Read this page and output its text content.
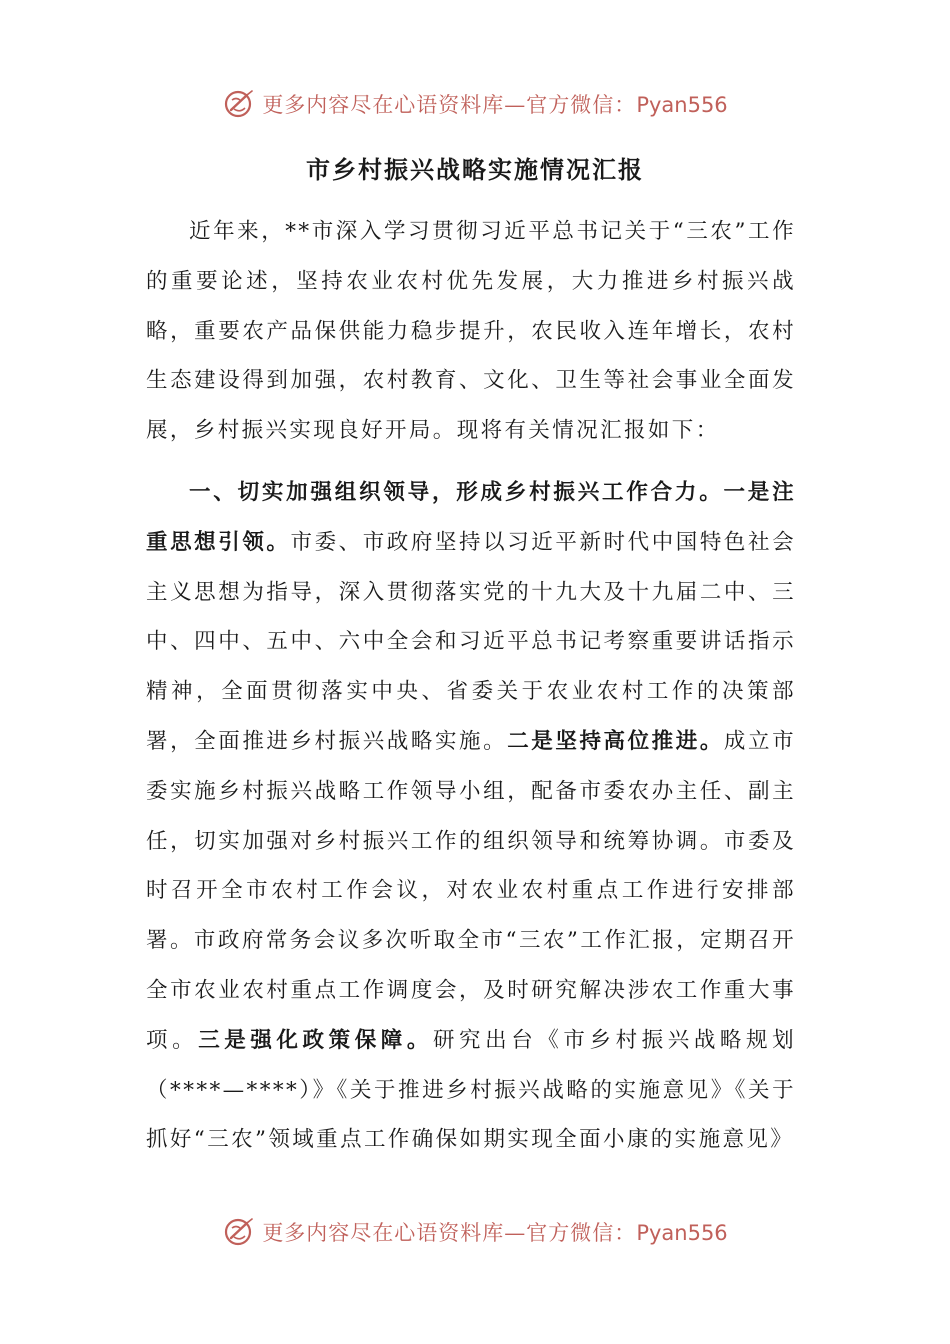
更多内容尽在心语资料库—官方微信：Pyan556
市乡村振兴战略实施情况汇报

近年来，**市深入学习贯彻习近平总书记关于“三农”工作的重要论述，坚持农业农村优先发展，大力推进乡村振兴战略，重要农产品保供能力稳步提升，农民收入连年增长，农村生态建设得到加强，农村教育、文化、卫生等社会事业全面发展，乡村振兴实现良好开局。现将有关情况汇报如下：

一、切实加强组织领导，形成乡村振兴工作合力。一是注重思想引领。市委、市政府坚持以习近平新时代中国特色社会主义思想为指导，深入贯彻落实党的十九大及十九届二中、三中、四中、五中、六中全会和习近平总书记考察重要讲话指示精神，全面贯彻落实中央、省委关于农业农村工作的决策部署，全面推进乡村振兴战略实施。二是坚持高位推进。成立市委实施乡村振兴战略工作领导小组，配备市委农办主任、副主任，切实加强对乡村振兴工作的组织领导和统筹协调。市委及时召开全市农村工作会议，对农业农村重点工作进行安排部署。市政府常务会议多次听取全市“三农”工作汇报，定期召开全市农业农村重点工作调度会，及时研究解决涉农工作重大事项。三是强化政策保障。研究出台《市乡村振兴战略规划（****—****）》《关于推进乡村振兴战略的实施意见》《关于抓好“三农”领域重点工作确保如期实现全面小康的实施意见》

更多内容尽在心语资料库—官方微信：Pyan556
